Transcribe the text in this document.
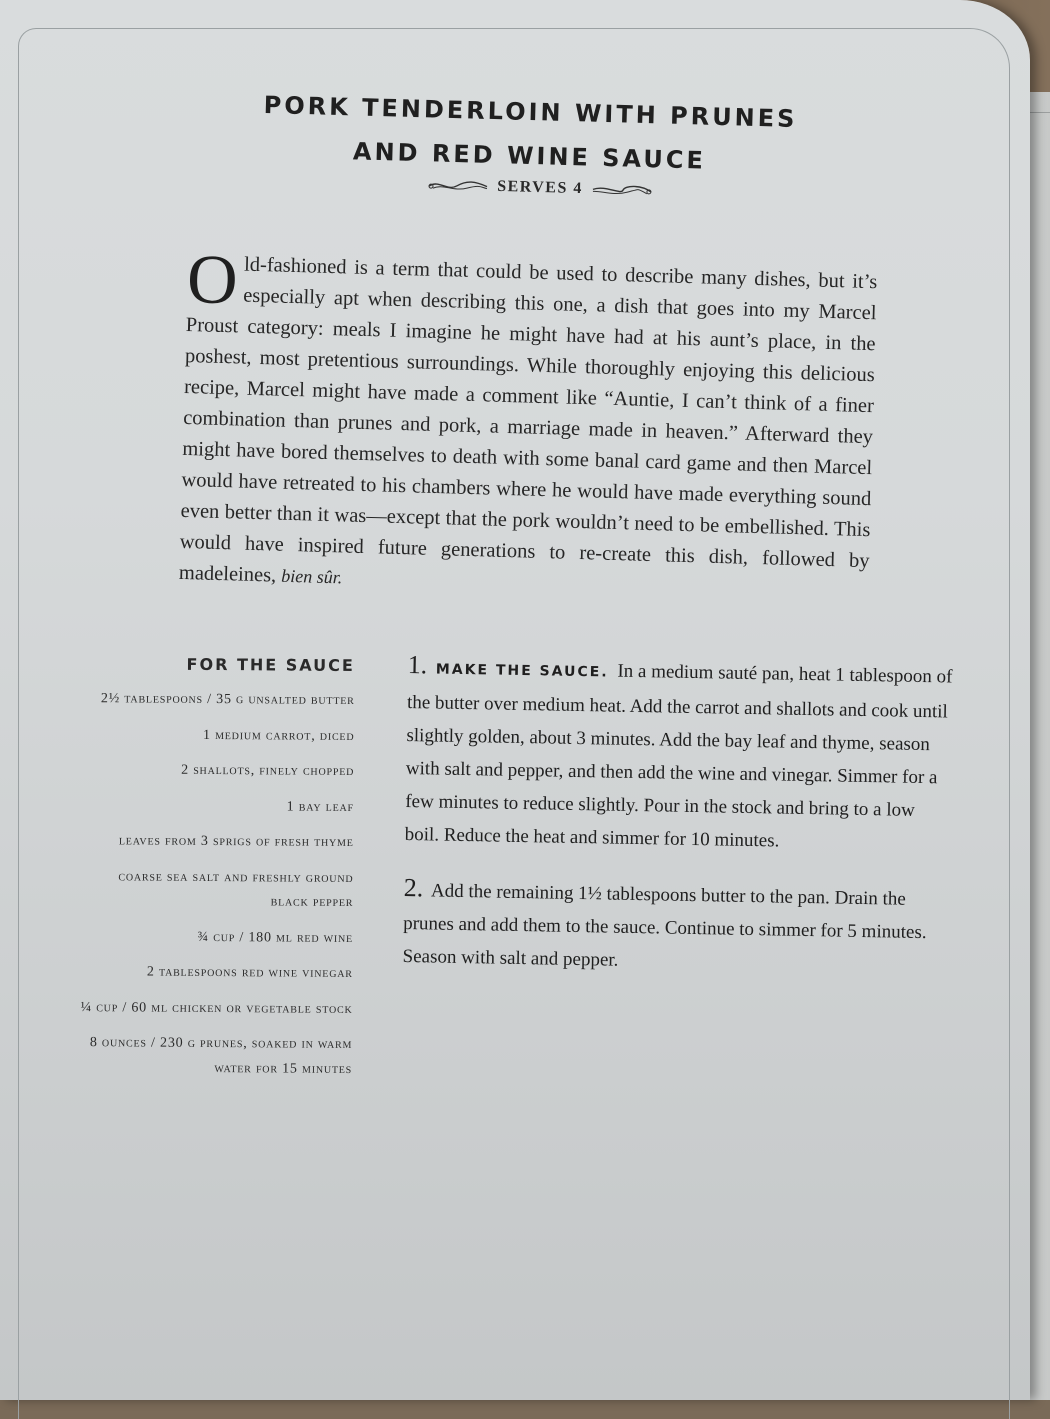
PORK TENDERLOIN WITH PRUNES
AND RED WINE SAUCE
SERVES 4
O ld-fashioned is a term that could be used to describe many dishes, but it’s especially apt when describing this one, a dish that goes into my Marcel Proust category: meals I imagine he might have had at his aunt’s place, in the poshest, most pretentious surroundings. While thoroughly enjoying this delicious recipe, Marcel might have made a comment like “Auntie, I can’t think of a finer combination than prunes and pork, a marriage made in heaven.” Afterward they might have bored themselves to death with some banal card game and then Marcel would have retreated to his chambers where he would have made everything sound even better than it was—except that the pork wouldn’t need to be embellished. This would have inspired future generations to re-create this dish, followed by madeleines, bien sûr.
FOR THE SAUCE
2½ tablespoons / 35 g unsalted butter
1 medium carrot, diced
2 shallots, finely chopped
1 bay leaf
leaves from 3 sprigs of fresh thyme
coarse sea salt and freshly ground black pepper
¾ cup / 180 ml red wine
2 tablespoons red wine vinegar
¼ cup / 60 ml chicken or vegetable stock
8 ounces / 230 g prunes, soaked in warm water for 15 minutes
1. MAKE THE SAUCE. In a medium sauté pan, heat 1 tablespoon of the butter over medium heat. Add the carrot and shallots and cook until slightly golden, about 3 minutes. Add the bay leaf and thyme, season with salt and pepper, and then add the wine and vinegar. Simmer for a few minutes to reduce slightly. Pour in the stock and bring to a low boil. Reduce the heat and simmer for 10 minutes.
2. Add the remaining 1½ tablespoons butter to the pan. Drain the prunes and add them to the sauce. Continue to simmer for 5 minutes. Season with salt and pepper.
